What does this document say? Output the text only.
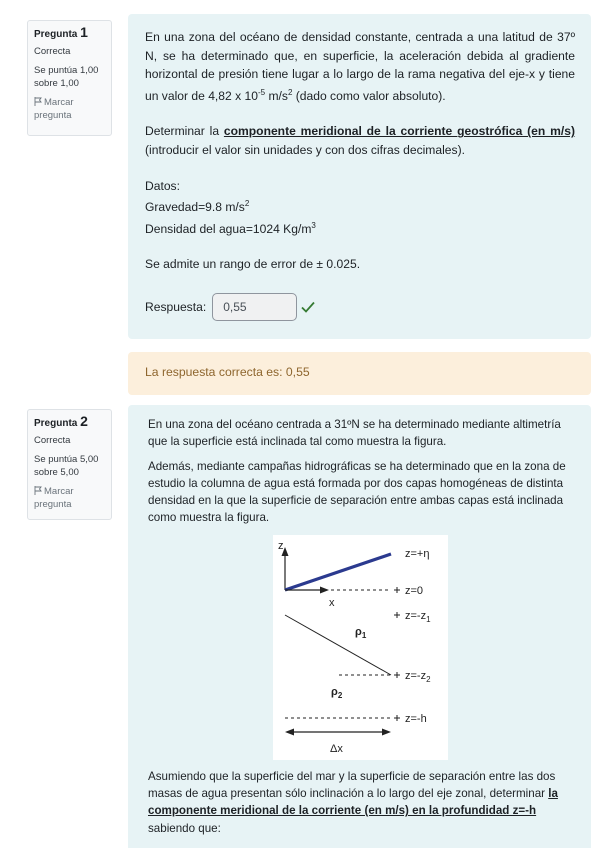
Pregunta 1
Correcta
Se puntúa 1,00 sobre 1,00
Marcar pregunta

En una zona del océano de densidad constante, centrada a una latitud de 37º N, se ha determinado que, en superficie, la aceleración debida al gradiente horizontal de presión tiene lugar a lo largo de la rama negativa del eje-x y tiene un valor de 4,82 x $10^{-5}$ $m/s^2$ (dado como valor absoluto).

Determinar la componente meridional de la corriente geostrófica (en m/s) (introducir el valor sin unidades y con dos cifras decimales).

Datos:
Gravedad=9.8 $m/s^2$
Densidad del agua=1024 $Kg/m^3$
Se admite un rango de error de ± 0.025.
Respuesta:	0,55
La respuesta correcta es: 0,55
Pregunta 2
Correcta
Se puntúa 5,00 sobre 5,00
Marcar pregunta

En una zona del océano centrada a 31ºN se ha determinado mediante altimetría que la superficie está inclinada tal como muestra la figura.

Además, mediante campañas hidrográficas se ha determinado que en la zona de estudio la columna de agua está formada por dos capas homogéneas de distinta densidad en la que la superficie de separación entre ambas capas está inclinada como muestra la figura.

z
x
z=+η
z=0
$z=-z_1$
$z=-z_2$
z=-h
$\rho_1$
$\rho_2$
Δx

Asumiendo que la superficie del mar y la superficie de separación entre las dos masas de agua presentan sólo inclinación a lo largo del eje zonal, determinar la componente meridional de la corriente (en m/s) en la profundidad z=-h sabiendo que:
